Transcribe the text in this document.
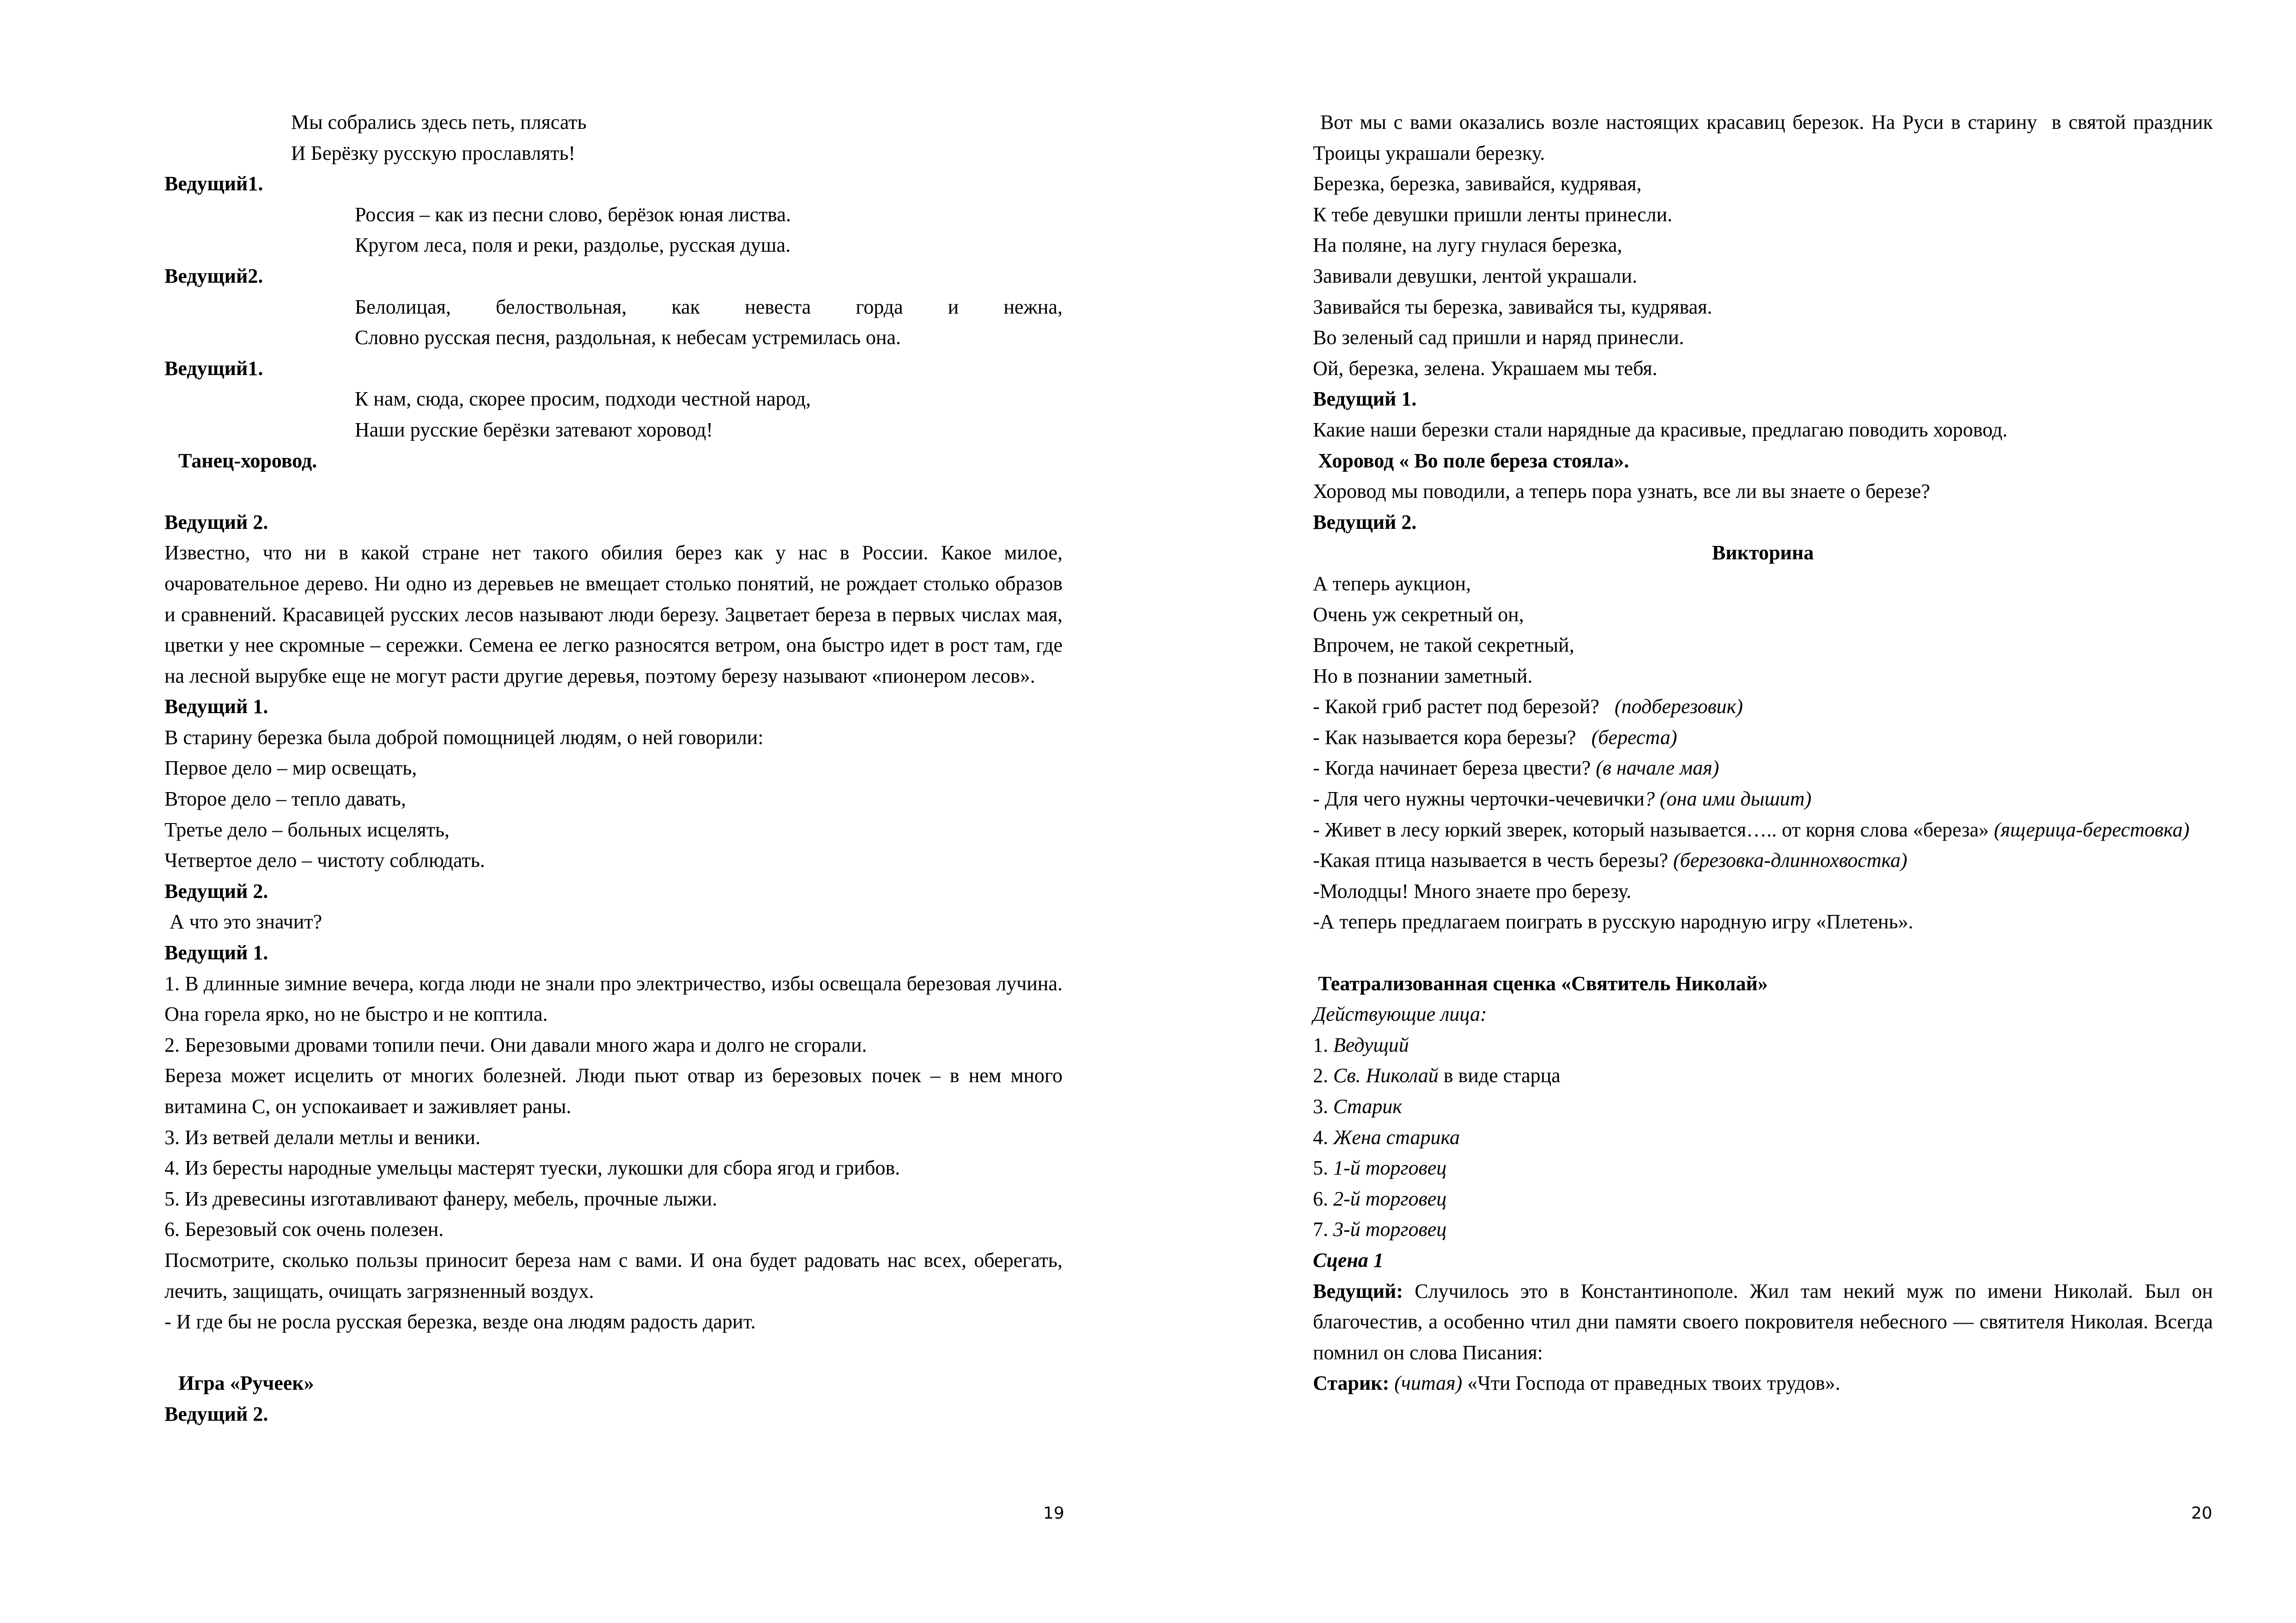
Мы собрались здесь петь, плясать
И Берёзку русскую прославлять!
Ведущий1.
Россия – как из песни слово, берёзок юная листва.
Кругом леса, поля и реки, раздолье, русская душа.
Ведущий2.
Белолицая, белоствольная, как невеста горда и нежна,
Словно русская песня, раздольная, к небесам устремилась она.
Ведущий1.
К нам, сюда, скорее просим, подходи честной народ,
Наши русские берёзки затевают хоровод!
Танец-хоровод.
Ведущий 2.
Известно, что ни в какой стране нет такого обилия берез как у нас в России. Какое милое, очаровательное дерево. Ни одно из деревьев не вмещает столько понятий, не рождает столько образов и сравнений. Красавицей русских лесов называют люди березу. Зацветает береза в первых числах мая, цветки у нее скромные – сережки. Семена ее легко разносятся ветром, она быстро идет в рост там, где на лесной вырубке еще не могут расти другие деревья, поэтому березу называют «пионером лесов».
Ведущий 1.
В старину березка была доброй помощницей людям, о ней говорили:
Первое дело – мир освещать,
Второе дело – тепло давать,
Третье дело – больных исцелять,
Четвертое дело – чистоту соблюдать.
Ведущий 2.
А что это значит?
Ведущий 1.
1. В длинные зимние вечера, когда люди не знали про электричество, избы освещала березовая лучина. Она горела ярко, но не быстро и не коптила.
2. Березовыми дровами топили печи. Они давали много жара и долго не сгорали.
Береза может исцелить от многих болезней. Люди пьют отвар из березовых почек – в нем много витамина С, он успокаивает и заживляет раны.
3. Из ветвей делали метлы и веники.
4. Из бересты народные умельцы мастерят туески, лукошки для сбора ягод и грибов.
5. Из древесины изготавливают фанеру, мебель, прочные лыжи.
6. Березовый сок очень полезен.
Посмотрите, сколько пользы приносит береза нам с вами. И она будет радовать нас всех, оберегать, лечить, защищать, очищать загрязненный воздух.
- И где бы не росла русская березка, везде она людям радость дарит.
Игра «Ручеек»
Ведущий 2.
19
Вот мы с вами оказались возле настоящих красавиц березок. На Руси в старину  в святой праздник Троицы украшали березку.
Березка, березка, завивайся, кудрявая,
К тебе девушки пришли ленты принесли.
На поляне, на лугу гнулася березка,
Завивали девушки, лентой украшали.
Завивайся ты березка, завивайся ты, кудрявая.
Во зеленый сад пришли и наряд принесли.
Ой, березка, зелена. Украшаем мы тебя.
Ведущий 1.
Какие наши березки стали нарядные да красивые, предлагаю поводить хоровод.
Хоровод « Во поле береза стояла».
Хоровод мы поводили, а теперь пора узнать, все ли вы знаете о березе?
Ведущий 2.
Викторина
А теперь аукцион,
Очень уж секретный он,
Впрочем, не такой секретный,
Но в познании заметный.
- Какой гриб растет под березой?   (подберезовик)
- Как называется кора березы?   (береста)
- Когда начинает береза цвести? (в начале мая)
- Для чего нужны черточки-чечевички? (она ими дышит)
- Живет в лесу юркий зверек, который называется….. от корня слова «береза» (ящерица-берестовка)
-Какая птица называется в честь березы? (березовка-длиннохвостка)
-Молодцы! Много знаете про березу.
-А теперь предлагаем поиграть в русскую народную игру «Плетень».
Театрализованная сценка «Святитель Николай»
Действующие лица:
1. Ведущий
2. Св. Николай в виде старца
3. Старик
4. Жена старика
5. 1-й торговец
6. 2-й торговец
7. 3-й торговец
Сцена 1
Ведущий: Случилось это в Константинополе. Жил там некий муж по имени Николай. Был он благочестив, а особенно чтил дни памяти своего покровителя небесного — святителя Николая. Всегда помнил он слова Писания:
Старик: (читая) «Чти Господа от праведных твоих трудов».
20
